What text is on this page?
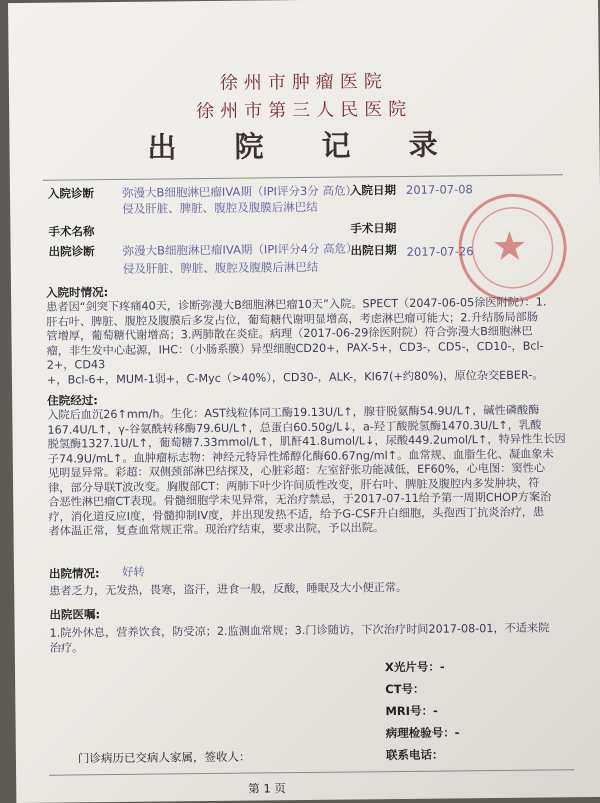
徐州市肿瘤医院
徐州市第三人民医院
出 院 记 录
入院诊断 弥漫大B细胞淋巴瘤IVA期（IPI评分3分 高危）
入院日期 2017-07-08
侵及肝脏、脾脏、腹腔及腹膜后淋巴结
手术名称	手术日期
出院诊断 弥漫大B细胞淋巴瘤IVA期（IPI评分4分 高危）
出院日期 2017-07-26
侵及肝脏、脾脏、腹腔及腹膜后淋巴结	★
入院时情况:
患者因“剑突下疼痛40天，诊断弥漫大B细胞淋巴瘤10天”入院。SPECT（2047-06-05徐医附院）：1.
肝右叶、脾脏、腹腔及腹膜后多发占位，葡萄糖代谢明显增高，考虑淋巴瘤可能大；2.升结肠局部肠
管增厚，葡萄糖代谢增高；3.两肺散在炎症。病理（2017-06-29徐医附院）符合弥漫大B细胞淋巴
瘤，非生发中心起源，IHC：（小肠系膜）异型细胞CD20+，PAX-5+，CD3-，CD5-，CD10-，Bcl-2+，CD43
+，Bcl-6+，MUM-1弱+，C-Myc（>40%），CD30-，ALK-，KI67(+约80%)，原位杂交EBER-。
住院经过:
入院后血沉26↑mm/h。生化：AST线粒体同工酶19.13U/L↑，腺苷脱氨酶54.9U/L↑，碱性磷酸酶
167.4U/L↑，γ-谷氨酰转移酶79.6U/L↑，总蛋白60.50g/L↓，a-羟丁酸脱氢酶1470.3U/L↑，乳酸
脱氢酶1327.1U/L↑，葡萄糖7.33mmol/L↑，肌酐41.8umol/L↓，尿酸449.2umol/L↑，特异性生长因
子74.9U/mL↑。血肿瘤标志物：神经元特异性烯醇化酶60.67ng/ml↑。血常规、血脂生化、凝血象未
见明显异常。彩超：双侧颈部淋巴结探及，心脏彩超：左室舒张功能减低，EF60%，心电图：窦性心
律，部分导联T波改变。胸腹部CT：两肺下叶少许间质性改变，肝右叶、脾脏及腹腔内多发肿块，符
合恶性淋巴瘤CT表现。骨髓细胞学未见异常，无治疗禁忌，于2017-07-11给予第一周期CHOP方案治
疗，消化道反应I度，骨髓抑制IV度，并出现发热不适，给予G-CSF升白细胞，头孢西丁抗炎治疗，患
者体温正常，复查血常规正常。现治疗结束，要求出院，予以出院。
出院情况: 好转
患者乏力，无发热，畏寒，盗汗，进食一般，反酸，睡眠及大小便正常。
出院医嘱:
1.院外休息，营养饮食，防受凉；2.监测血常规；3.门诊随访，下次治疗时间2017-08-01，不适来院
治疗。
X光片号：-
CT号：
MRI号：-
病理检验号：-
联系电话：
门诊病历已交病人家属，签收人：
第 1 页
